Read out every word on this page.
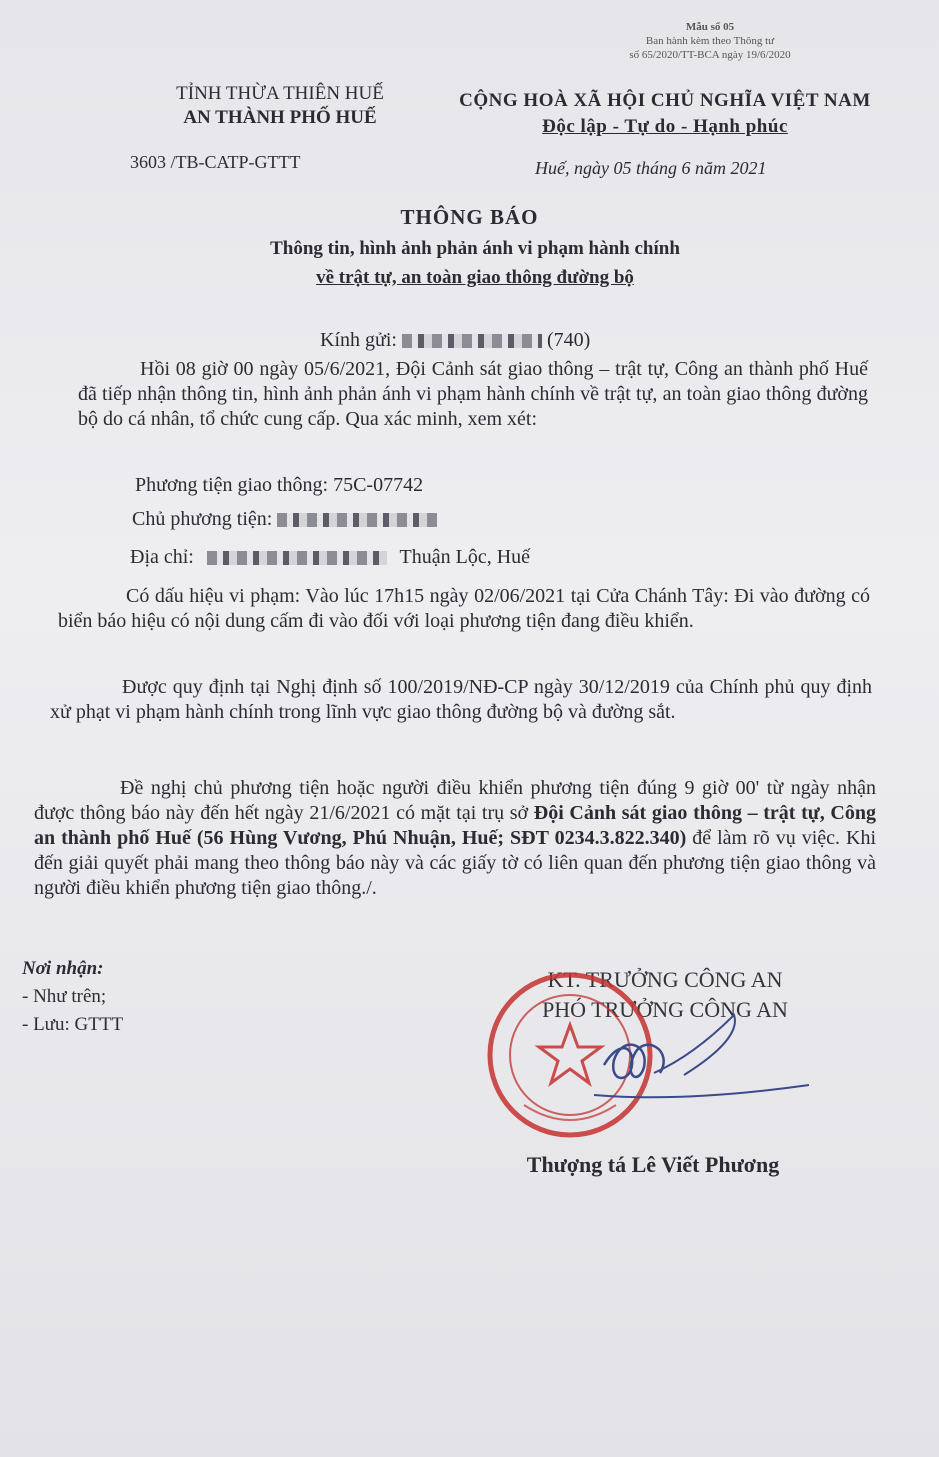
Mẫu số 05
Ban hành kèm theo Thông tư
số 65/2020/TT-BCA ngày 19/6/2020
TỈNH THỪA THIÊN HUẾ
AN THÀNH PHỐ HUẾ
3603 /TB-CATP-GTTT
CỘNG HOÀ XÃ HỘI CHỦ NGHĨA VIỆT NAM
Độc lập - Tự do - Hạnh phúc
Huế, ngày 05 tháng 6 năm 2021
THÔNG BÁO
Thông tin, hình ảnh phản ánh vi phạm hành chính
về trật tự, an toàn giao thông đường bộ
Kính gửi:	(740)
Hồi 08 giờ 00 ngày 05/6/2021, Đội Cảnh sát giao thông – trật tự, Công an thành phố Huế đã tiếp nhận thông tin, hình ảnh phản ánh vi phạm hành chính về trật tự, an toàn giao thông đường bộ do cá nhân, tổ chức cung cấp. Qua xác minh, xem xét:
Phương tiện giao thông: 75C-07742
Chủ phương tiện:
Địa chỉ:	Thuận Lộc, Huế
Có dấu hiệu vi phạm: Vào lúc 17h15 ngày 02/06/2021 tại Cửa Chánh Tây: Đi vào đường có biển báo hiệu có nội dung cấm đi vào đối với loại phương tiện đang điều khiển.
Được quy định tại Nghị định số 100/2019/NĐ-CP ngày 30/12/2019 của Chính phủ quy định xử phạt vi phạm hành chính trong lĩnh vực giao thông đường bộ và đường sắt.
Đề nghị chủ phương tiện hoặc người điều khiển phương tiện đúng 9 giờ 00' từ ngày nhận được thông báo này đến hết ngày 21/6/2021 có mặt tại trụ sở Đội Cảnh sát giao thông – trật tự, Công an thành phố Huế (56 Hùng Vương, Phú Nhuận, Huế; SĐT 0234.3.822.340) để làm rõ vụ việc. Khi đến giải quyết phải mang theo thông báo này và các giấy tờ có liên quan đến phương tiện giao thông và người điều khiển phương tiện giao thông./.
Nơi nhận:
- Như trên;
- Lưu: GTTT
KT. TRƯỞNG CÔNG AN
PHÓ TRƯỞNG CÔNG AN
Thượng tá Lê Viết Phương
